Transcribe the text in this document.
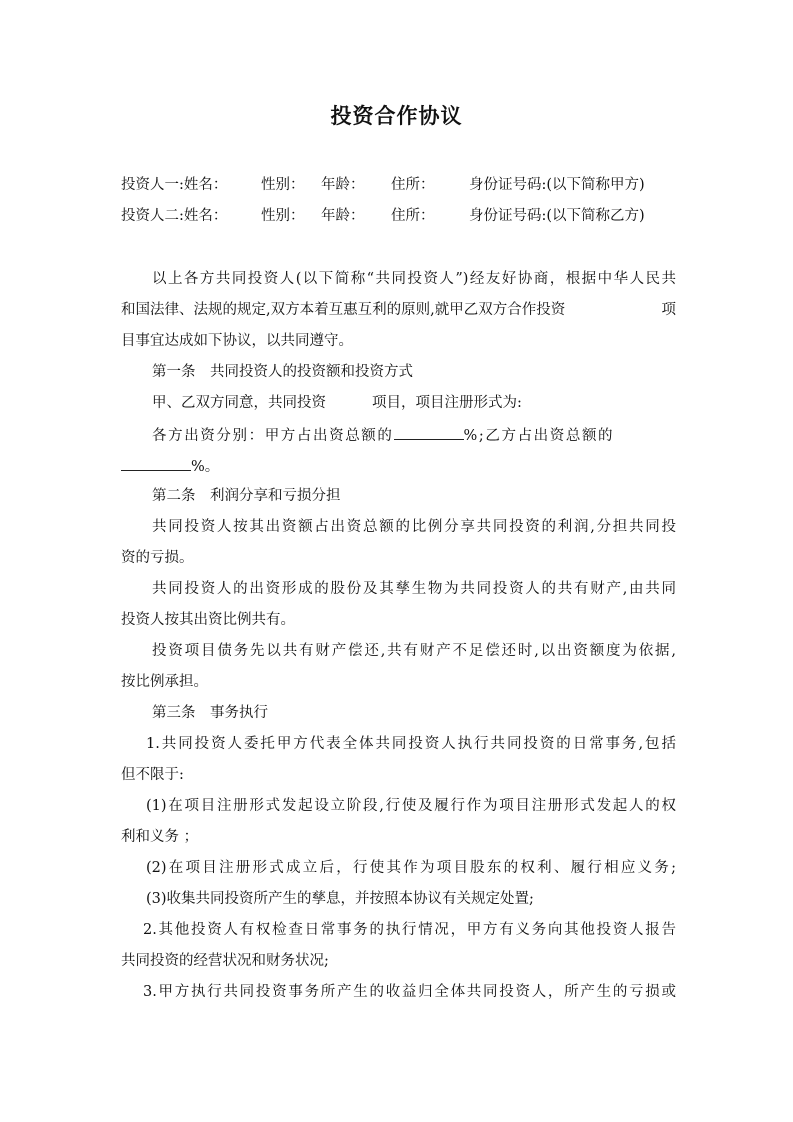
投资合作协议
投资人一:姓名：	性别：	年龄：	住所：	身份证号码:(以下简称甲方)
投资人二:姓名：	性别：	年龄：	住所：	身份证号码:(以下简称乙方)
以上各方共同投资人(以下简称“共同投资人”)经友好协商，根据中华人民共
和国法律、法规的规定,双方本着互惠互利的原则,就甲乙双方合作投资	项
目事宜达成如下协议，以共同遵守。
第一条　共同投资人的投资额和投资方式
甲、乙双方同意，共同投资	项目，项目注册形式为:
各方出资分别：甲方占出资总额的	%;乙方占出资总额的
%。
第二条　利润分享和亏损分担
共同投资人按其出资额占出资总额的比例分享共同投资的利润,分担共同投
资的亏损。
共同投资人的出资形成的股份及其孳生物为共同投资人的共有财产,由共同
投资人按其出资比例共有。
投资项目债务先以共有财产偿还,共有财产不足偿还时,以出资额度为依据,
按比例承担。
第三条　事务执行
1.共同投资人委托甲方代表全体共同投资人执行共同投资的日常事务,包括
但不限于:
(1)在项目注册形式发起设立阶段,行使及履行作为项目注册形式发起人的权
利和义务 ；
(2)在项目注册形式成立后，行使其作为项目股东的权利、履行相应义务;
(3)收集共同投资所产生的孳息，并按照本协议有关规定处置;
2.其他投资人有权检查日常事务的执行情况，甲方有义务向其他投资人报告
共同投资的经营状况和财务状况;
3.甲方执行共同投资事务所产生的收益归全体共同投资人，所产生的亏损或
